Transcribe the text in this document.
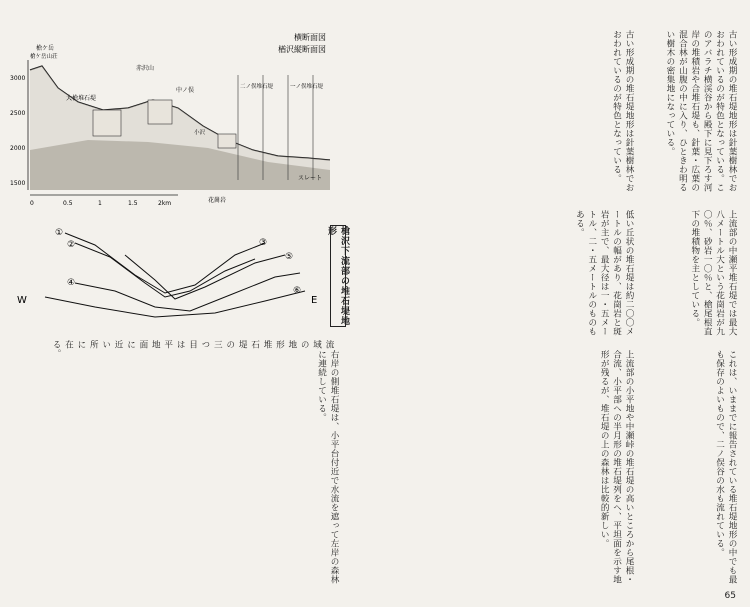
横断面図
楢沢縦断面図
3000
2500
2000
1500
槍ケ岳
槍ケ岳山荘
大槍堆石堤
赤沢山
中ノ俣
小沢
二ノ俣堆石堤	一ノ俣堆石堤
スレート
花崗岩
0	0.5	1	1.5	2km
①
②	③
④
⑤
⑥
W	E	槍沢下流部の堆石堤地形
古い形成期の堆石堤地形は針葉樹林でおおわれているのが特色となっている。このアバラチ横渓谷から殿下に見下ろす河岸の堆積岩や合堆石堤も、針葉・広葉の混合林が山腹の中に入り、ひときわ明るい樹木の密集地になっている。
古い形成期の堆石堤地形は針葉樹林でおおわれているのが特色となっている。
上流部の中瀬平堆石堤では最大八メートル大という花崗岩が九〇％、砂岩一〇％と、槍尾根直下の堆積物を主としている。
低い丘状の堆石堤は約二〇〇メートルの幅があり、花崗岩と斑岩が主で、最大径は一・五メートル、二・五メートルのものもある。
これは、いままでに報告されている堆石堤地形の中でも最も保存のよいもので、二ノ俣谷の水も流れている。
上流部の小平地や中瀬峠の堆石堤の高いところから尾根・合流、小平部への半月形の堆石堤列をへ、平坦面を示す地形が残るが、堆石堤の上の森林は比較的新しい。
右岸の側堆石堤は、小平台付近で水流を遮って左岸の森林に連続している。
流域の地形堆石堤の三つ目は平地面に近い所に在る。
65
